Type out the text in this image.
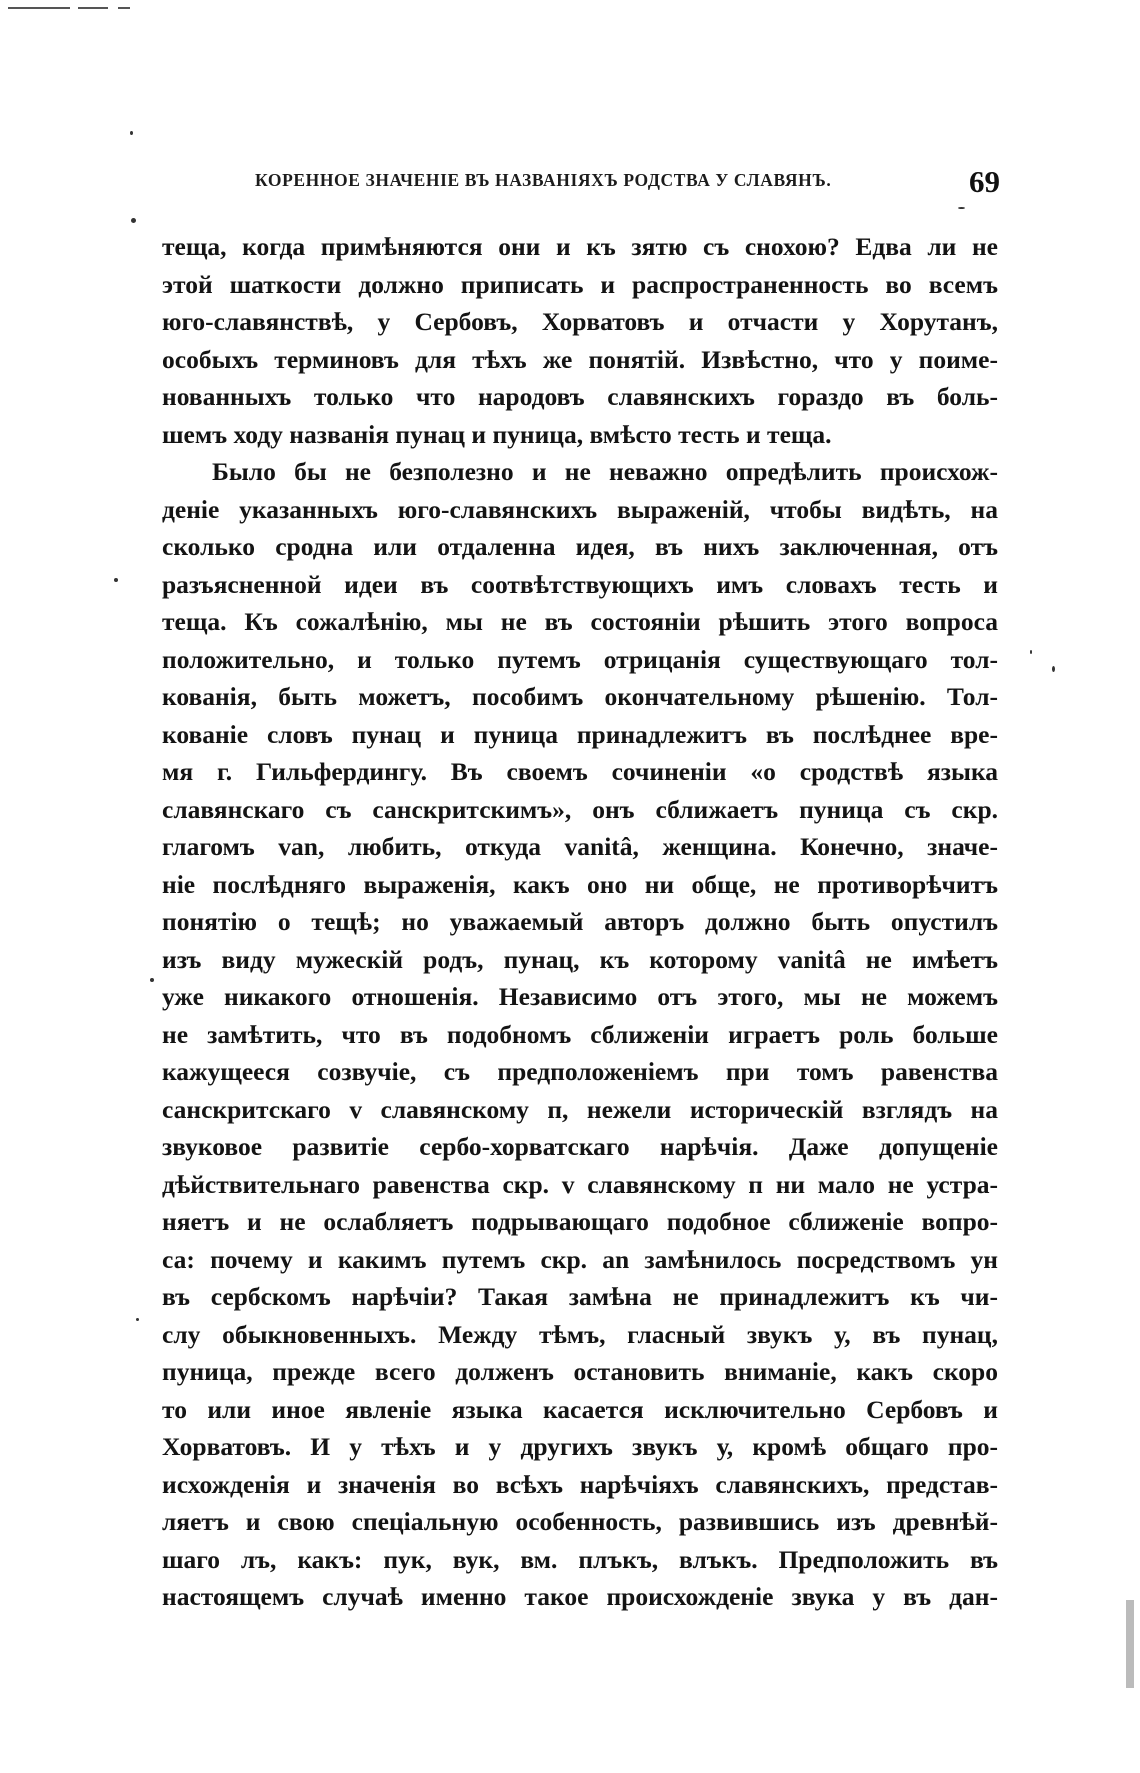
КОРЕННОЕ ЗНАЧЕНІЕ ВЪ НАЗВАНІЯХЪ РОДСТВА У СЛАВЯНЪ.	69
теща, когда примѣняются они и къ зятю съ снохою? Едва ли не
этой шаткости должно приписать и распространенность во всемъ
юго-славянствѣ, у Сербовъ, Хорватовъ и отчасти у Хорутанъ,
особыхъ терминовъ для тѣхъ же понятій. Извѣстно, что у поиме-
нованныхъ только что народовъ славянскихъ гораздо въ боль-
шемъ ходу названія пунац и пуница, вмѣсто тесть и теща.
Было бы не безполезно и не неважно опредѣлить происхож-
деніе указанныхъ юго-славянскихъ выраженій, чтобы видѣть, на
сколько сродна или отдаленна идея, въ нихъ заключенная, отъ
разъясненной идеи въ соотвѣтствующихъ имъ словахъ тесть и
теща. Къ сожалѣнію, мы не въ состояніи рѣшить этого вопроса
положительно, и только путемъ отрицанія существующаго тол-
кованія, быть можетъ, пособимъ окончательному рѣшенію. Тол-
кованіе словъ пунац и пуница принадлежитъ въ послѣднее вре-
мя г. Гильфердингу. Въ своемъ сочиненіи «о сродствѣ языка
славянскаго съ санскритскимъ», онъ сближаетъ пуница съ скр.
глагомъ van, любить, откуда vanitâ, женщина. Конечно, значе-
ніе послѣдняго выраженія, какъ оно ни обще, не противорѣчитъ
понятію о тещѣ; но уважаемый авторъ должно быть опустилъ
изъ виду мужескій родъ, пунац, къ которому vanitâ не имѣетъ
уже никакого отношенія. Независимо отъ этого, мы не можемъ
не замѣтить, что въ подобномъ сближеніи играетъ роль больше
кажущееся созвучіе, съ предположеніемъ при томъ равенства
санскритскаго v славянскому п, нежели историческій взглядъ на
звуковое развитіе сербо-хорватскаго нарѣчія. Даже допущеніе
дѣйствительнаго равенства скр. v славянскому п ни мало не устра-
няетъ и не ослабляетъ подрывающаго подобное сближеніе вопро-
са: почему и какимъ путемъ скр. an замѣнилось посредствомъ ун
въ сербскомъ нарѣчіи? Такая замѣна не принадлежитъ къ чи-
слу обыкновенныхъ. Между тѣмъ, гласный звукъ у, въ пунац,
пуница, прежде всего долженъ остановить вниманіе, какъ скоро
то или иное явленіе языка касается исключительно Сербовъ и
Хорватовъ. И у тѣхъ и у другихъ звукъ у, кромѣ общаго про-
исхожденія и значенія во всѣхъ нарѣчіяхъ славянскихъ, представ-
ляетъ и свою спеціальную особенность, развившись изъ древнѣй-
шаго лъ, какъ: пук, вук, вм. плъкъ, влъкъ. Предположить въ
настоящемъ случаѣ именно такое происхожденіе звука у въ дан-
